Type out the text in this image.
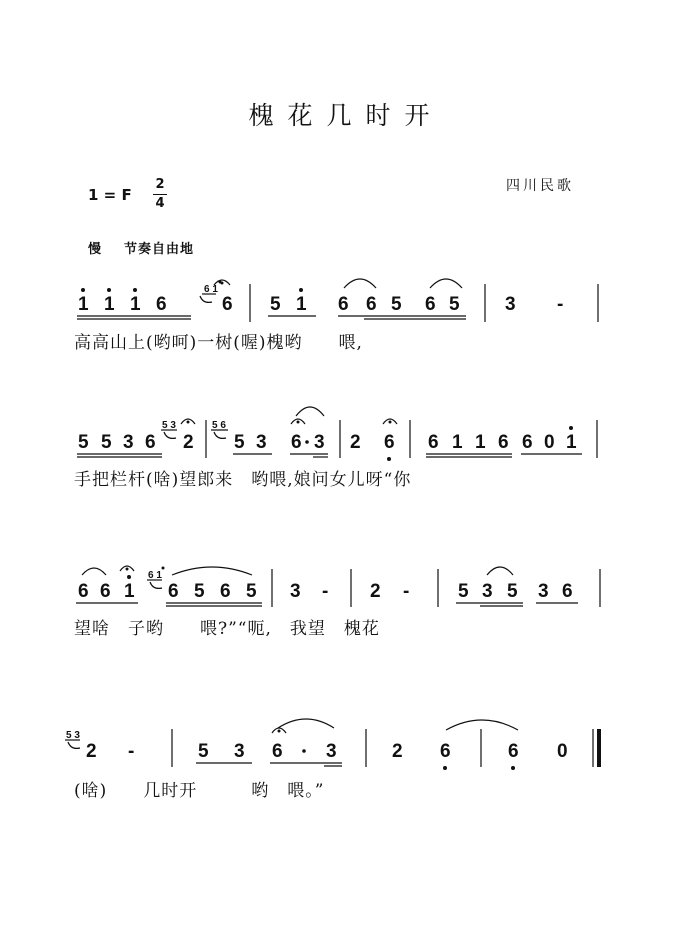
槐花几时开
1 = F
2
4
四川民歌
慢 节奏自由地
高高山上(哟呵)一树(喔)槐哟　　喂,
手把栏杆(啥)望郎来　哟喂,娘问女儿呀“你
望啥　子哟　　喂?”“呃,　我望　槐花
(啥)　　几时开　　　哟　喂。”
1 1 1 6	6
6 1
5 1 6 6 5 6 5 3 -
5 5 3 6 2
5 3	5 6
5 3 6 3 2 6 6 1 1 6 6 0 1
6 6 1
6 1
6 5 6 5 3 - 2 -	5 3 5 3 6
5 3
2 -	5 3 6 3	2 6	6 0
